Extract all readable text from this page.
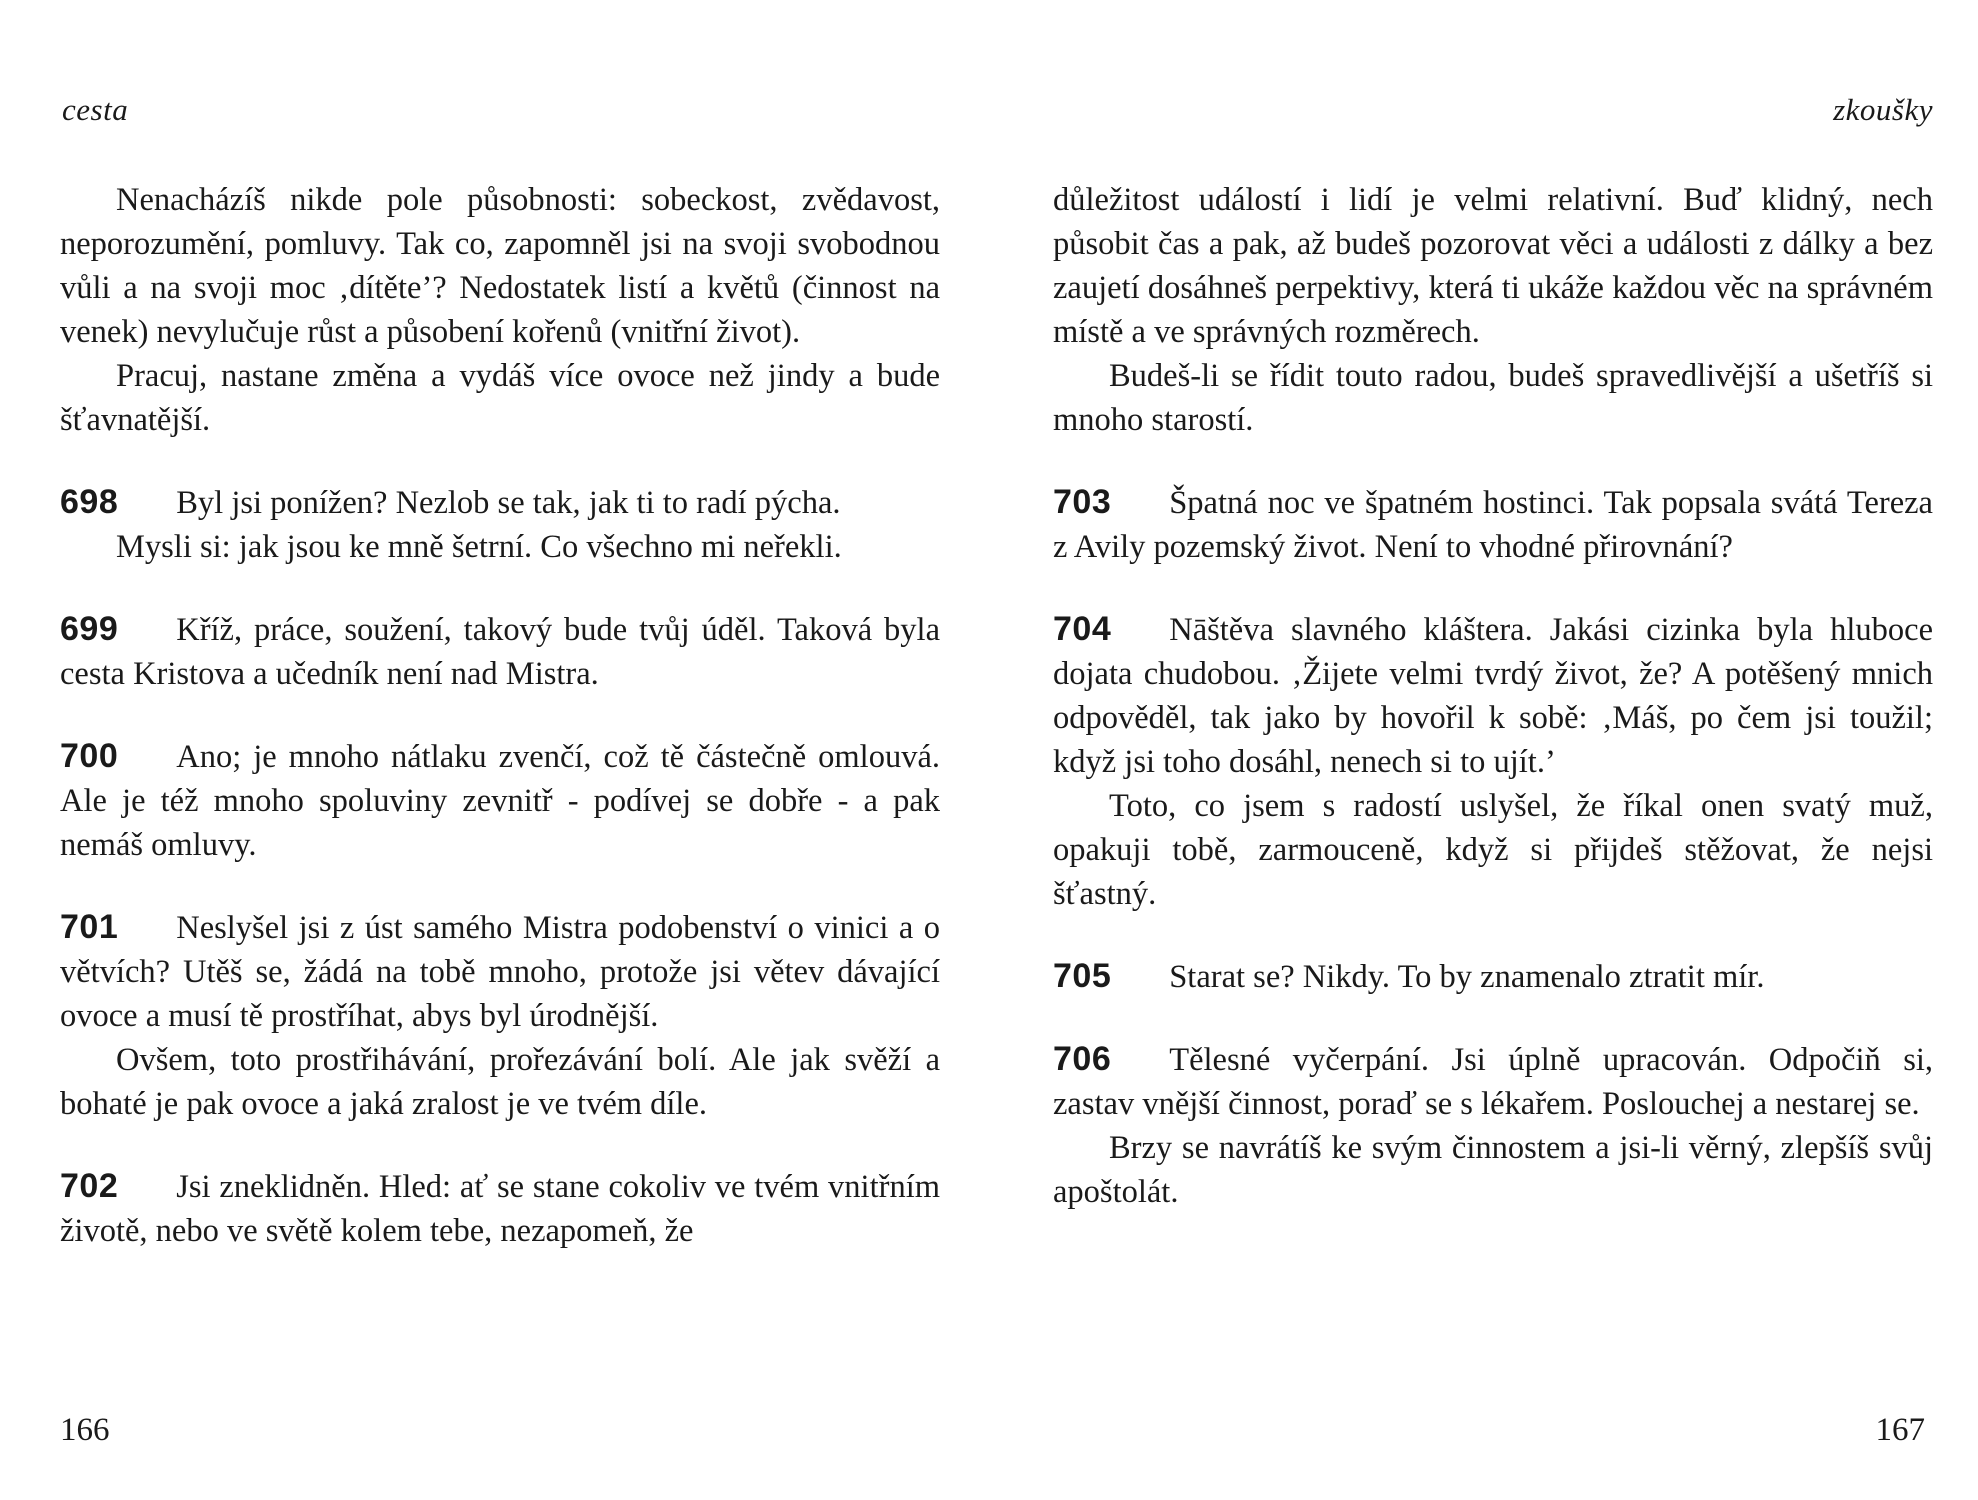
cesta

Nenacházíš nikde pole působnosti: sobeckost, zvědavost, neporozumění, pomluvy. Tak co, zapomněl jsi na svoji svobodnou vůli a na svoji moc ‚dítěte’? Nedostatek listí a květů (činnost na venek) nevylučuje růst a působení kořenů (vnitřní život).

Pracuj, nastane změna a vydáš více ovoce než jindy a bude šťavnatější.

698 Byl jsi ponížen? Nezlob se tak, jak ti to radí pýcha.

Mysli si: jak jsou ke mně šetrní. Co všechno mi neřekli.

699 Kříž, práce, soužení, takový bude tvůj úděl. Taková byla cesta Kristova a učedník není nad Mistra.

700 Ano; je mnoho nátlaku zvenčí, což tě částečně omlouvá. Ale je též mnoho spoluviny zevnitř - podívej se dobře - a pak nemáš omluvy.

701 Neslyšel jsi z úst samého Mistra podobenství o vinici a o větvích? Utěš se, žádá na tobě mnoho, protože jsi větev dávající ovoce a musí tě prostříhat, abys byl úrodnější.

Ovšem, toto prostřihávání, prořezávání bolí. Ale jak svěží a bohaté je pak ovoce a jaká zralost je ve tvém díle.

702 Jsi zneklidněn. Hled: ať se stane cokoliv ve tvém vnitřním životě, nebo ve světě kolem tebe, nezapomeň, že

166
zkoušky

důležitost událostí i lidí je velmi relativní. Buď klidný, nech působit čas a pak, až budeš pozorovat věci a události z dálky a bez zaujetí dosáhneš perpektivy, která ti ukáže každou věc na správném místě a ve správných rozměrech.

Budeš-li se řídit touto radou, budeš spravedlivější a ušetříš si mnoho starostí.

703 Špatná noc ve špatném hostinci. Tak popsala svátá Tereza z Avily pozemský život. Není to vhodné přirovnání?

704 Nāštěva slavného kláštera. Jakási cizinka byla hluboce dojata chudobou. ‚Žijete velmi tvrdý život, že? A potěšený mnich odpověděl, tak jako by hovořil k sobě: ‚Máš, po čem jsi toužil; když jsi toho dosáhl, nenech si to ujít.’

Toto, co jsem s radostí uslyšel, že říkal onen svatý muž, opakuji tobě, zarmouceně, když si přijdeš stěžovat, že nejsi šťastný.

705 Starat se? Nikdy. To by znamenalo ztratit mír.

706 Tělesné vyčerpání. Jsi úplně upracován. Odpočiň si, zastav vnější činnost, poraď se s lékařem. Poslouchej a nestarej se.

Brzy se navrátíš ke svým činnostem a jsi-li věrný, zlepšíš svůj apoštolát.

167
